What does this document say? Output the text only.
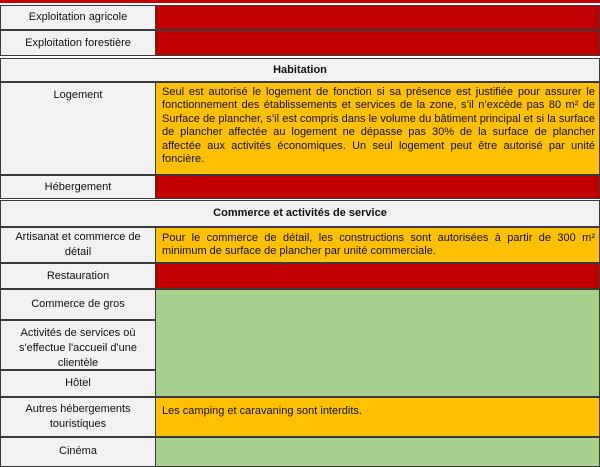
Exploitation agricole
Exploitation forestière
Habitation
Logement	Seul est autorisé le logement de fonction si sa présence est justifiée pour assurer le fonctionnement des établissements et services de la zone, s’il n’excède pas 80 m² de Surface de plancher, s’il est compris dans le volume du bâtiment principal et si la surface de plancher affectée au logement ne dépasse pas 30% de la surface de plancher affectée aux activités économiques. Un seul logement peut être autorisé par unité foncière.
Hébergement
Commerce et activités de service
Artisanat et commerce de détail
Pour le commerce de détail, les constructions sont autorisées à partir de 300 m² minimum de surface de plancher par unité commerciale.
Restauration
Commerce de gros
Activités de services où s'effectue l'accueil d'une clientèle
Hôtel
Autres hébergements touristiques
Les camping et caravaning sont interdits.
Cinéma
